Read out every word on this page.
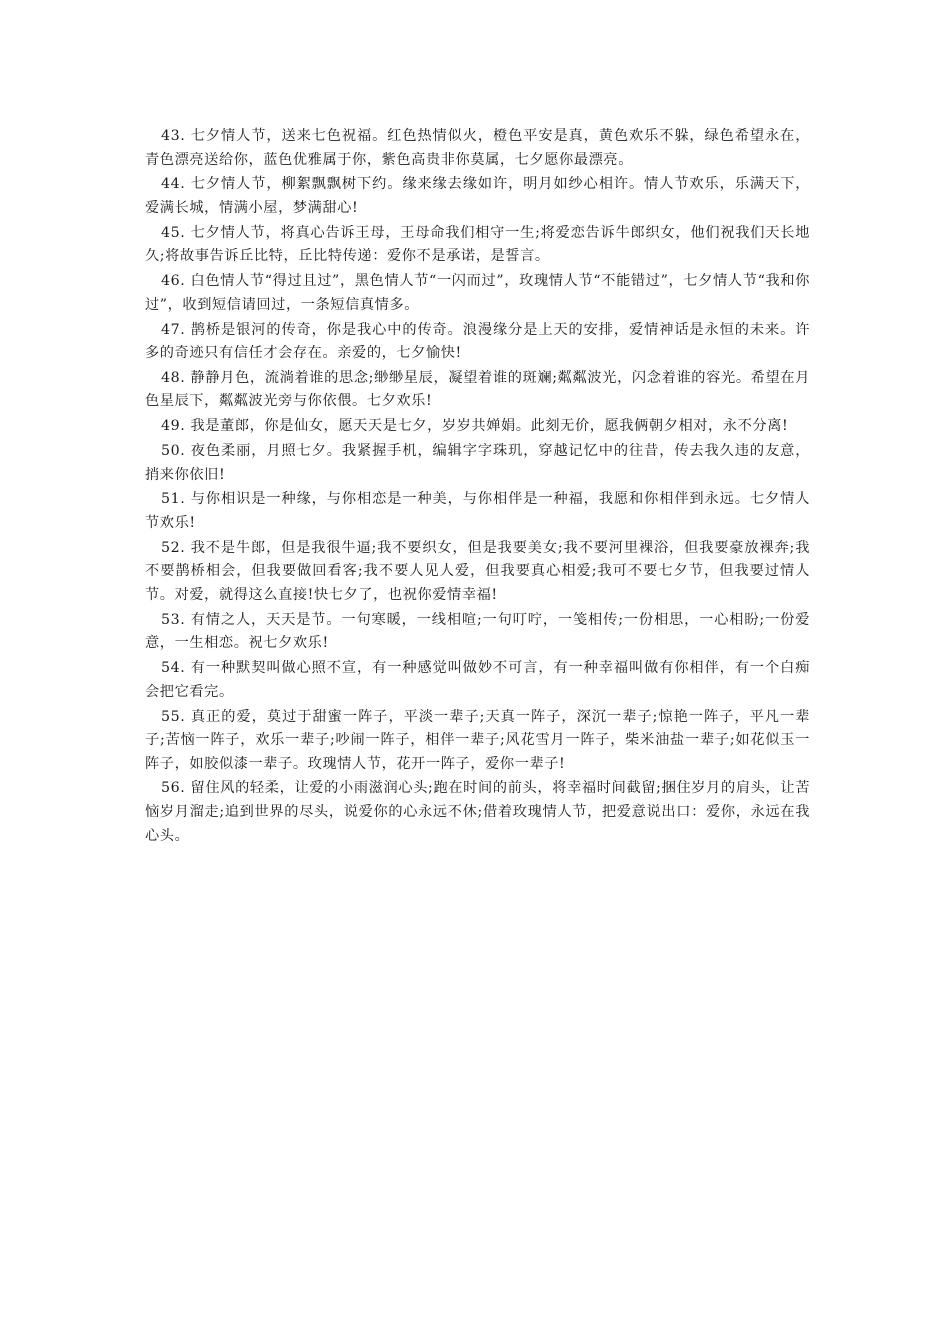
43. 七夕情人节，送来七色祝福。红色热情似火，橙色平安是真，黄色欢乐不躲，绿色希望永在，青色漂亮送给你，蓝色优雅属于你，紫色高贵非你莫属，七夕愿你最漂亮。

44. 七夕情人节，柳絮飘飘树下约。缘来缘去缘如许，明月如纱心相许。情人节欢乐，乐满天下，爱满长城，情满小屋，梦满甜心!

45. 七夕情人节，将真心告诉王母，王母命我们相守一生;将爱恋告诉牛郎织女，他们祝我们天长地久;将故事告诉丘比特，丘比特传递：爱你不是承诺，是誓言。

46. 白色情人节“得过且过”，黑色情人节“一闪而过”，玫瑰情人节“不能错过”，七夕情人节“我和你过”，收到短信请回过，一条短信真情多。

47. 鹊桥是银河的传奇，你是我心中的传奇。浪漫缘分是上天的安排，爱情神话是永恒的未来。许多的奇迹只有信任才会存在。亲爱的，七夕愉快!

48. 静静月色，流淌着谁的思念;缈缈星辰，凝望着谁的斑斓;粼粼波光，闪念着谁的容光。希望在月色星辰下，粼粼波光旁与你依偎。七夕欢乐!

49. 我是董郎，你是仙女，愿天天是七夕，岁岁共婵娟。此刻无价，愿我俩朝夕相对，永不分离!

50. 夜色柔丽，月照七夕。我紧握手机，编辑字字珠玑，穿越记忆中的往昔，传去我久违的友意，捎来你依旧!

51. 与你相识是一种缘，与你相恋是一种美，与你相伴是一种福，我愿和你相伴到永远。七夕情人节欢乐!

52. 我不是牛郎，但是我很牛逼;我不要织女，但是我要美女;我不要河里裸浴，但我要豪放裸奔;我不要鹊桥相会，但我要做回看客;我不要人见人爱，但我要真心相爱;我可不要七夕节，但我要过情人节。对爱，就得这么直接!快七夕了，也祝你爱情幸福!

53. 有情之人，天天是节。一句寒暖，一线相喧;一句叮咛，一笺相传;一份相思，一心相盼;一份爱意，一生相恋。祝七夕欢乐!

54. 有一种默契叫做心照不宣，有一种感觉叫做妙不可言，有一种幸福叫做有你相伴，有一个白痴会把它看完。

55. 真正的爱，莫过于甜蜜一阵子，平淡一辈子;天真一阵子，深沉一辈子;惊艳一阵子，平凡一辈子;苦恼一阵子，欢乐一辈子;吵闹一阵子，相伴一辈子;风花雪月一阵子，柴米油盐一辈子;如花似玉一阵子，如胶似漆一辈子。玫瑰情人节，花开一阵子，爱你一辈子!

56. 留住风的轻柔，让爱的小雨滋润心头;跑在时间的前头，将幸福时间截留;捆住岁月的肩头，让苦恼岁月溜走;追到世界的尽头，说爱你的心永远不休;借着玫瑰情人节，把爱意说出口：爱你，永远在我心头。
